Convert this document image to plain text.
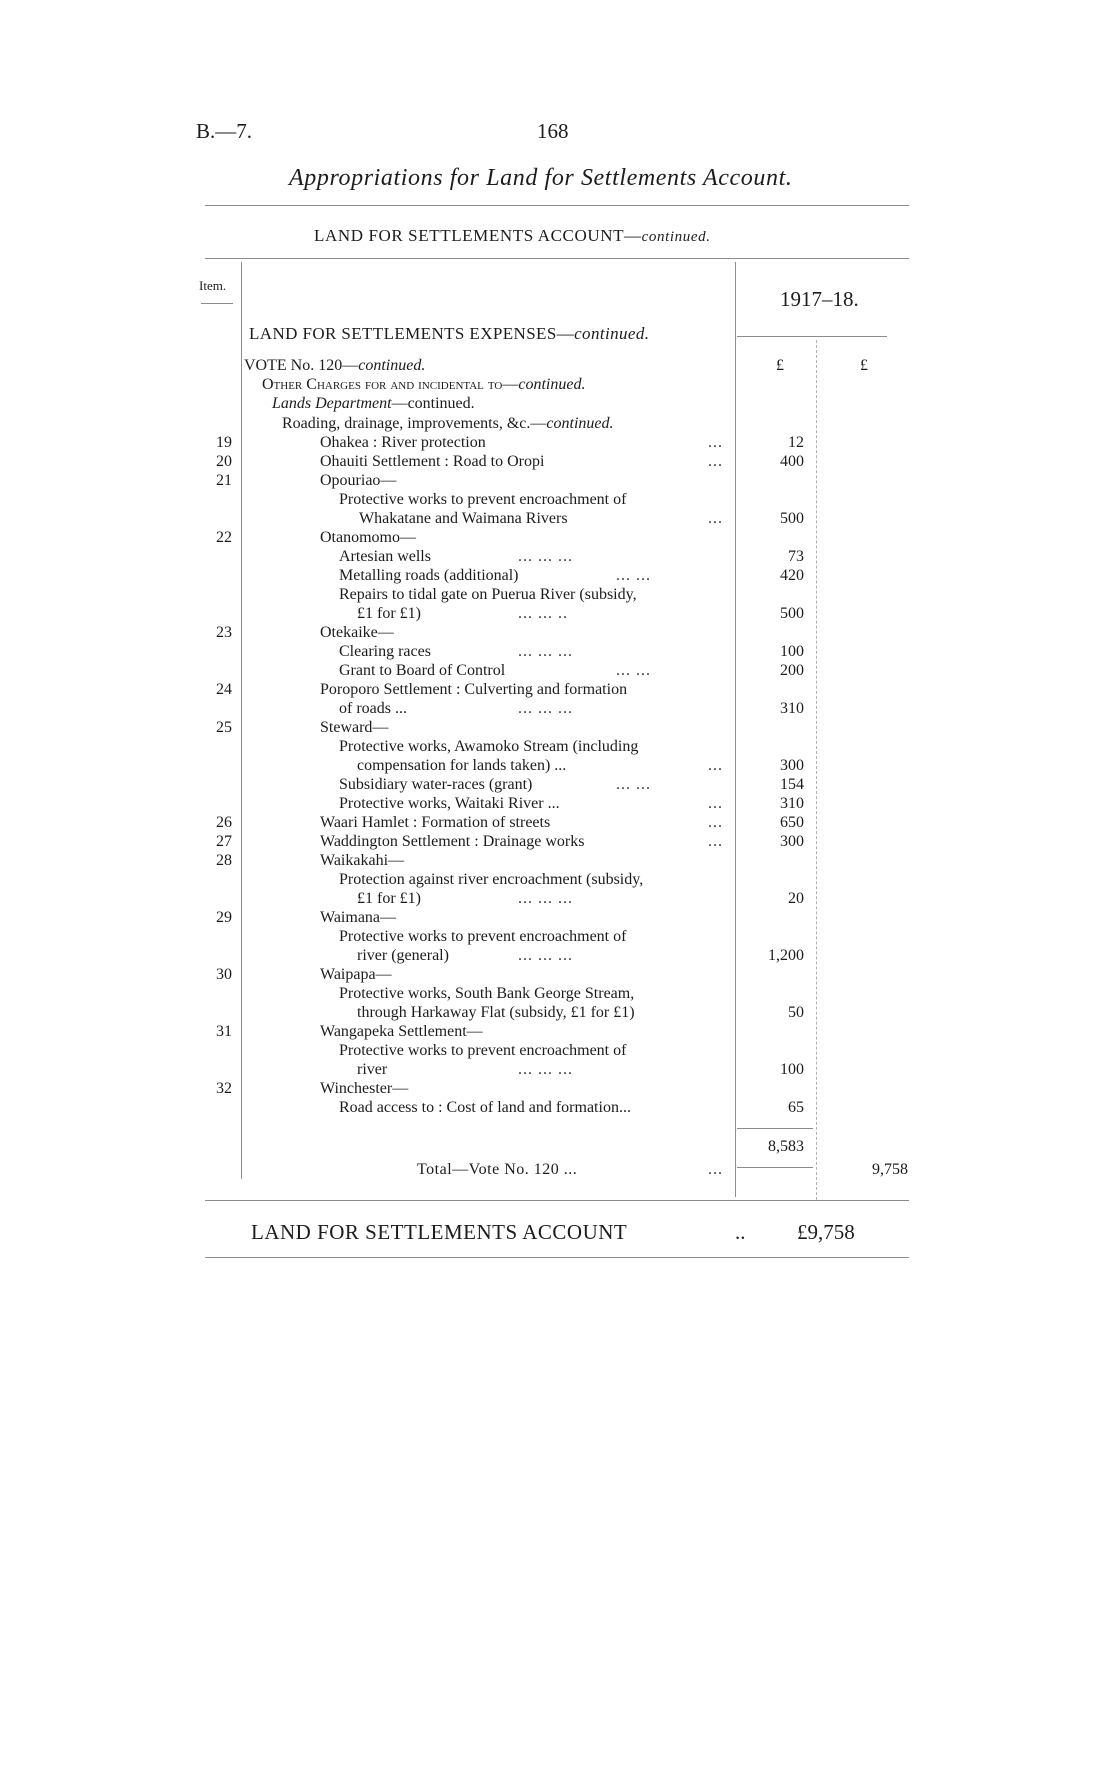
B.—7.	168
Appropriations for Land for Settlements Account.
LAND FOR SETTLEMENTS ACCOUNT—continued.
Item.
1917–18.
LAND FOR SETTLEMENTS EXPENSES—continued.
£	£
VOTE No. 120—continued.
Other Charges for and incidental to—continued.
Lands Department—continued.
Roading, drainage, improvements, &c.—continued.
19	Ohakea : River protection	...	12
20	Ohauiti Settlement : Road to Oropi	...	400
21	Opouriao—
Protective works to prevent encroachment of
Whakatane and Waimana Rivers	...	500
22	Otanomomo—
Artesian wells	... ... ...	73
Metalling roads (additional)	... ...	420
Repairs to tidal gate on Puerua River (subsidy,
£1 for £1)	... ... ..	500
23	Otekaike—
Clearing races	... ... ...	100
Grant to Board of Control	... ...	200
24	Poroporo Settlement : Culverting and formation
of roads ...	... ... ...	310
25	Steward—
Protective works, Awamoko Stream (including
compensation for lands taken) ...	...	300
Subsidiary water-races (grant)	... ...	154
Protective works, Waitaki River ...	...	310
26	Waari Hamlet : Formation of streets	...	650
27	Waddington Settlement : Drainage works	...	300
28	Waikakahi—
Protection against river encroachment (subsidy,
£1 for £1)	... ... ...	20
29	Waimana—
Protective works to prevent encroachment of
river (general)	... ... ...	1,200
30	Waipapa—
Protective works, South Bank George Stream,
through Harkaway Flat (subsidy, £1 for £1)	50
31	Wangapeka Settlement—
Protective works to prevent encroachment of
river	... ... ...	100
32	Winchester—
Road access to : Cost of land and formation...	65
8,583
Total—Vote No. 120 ...	...	9,758
LAND FOR SETTLEMENTS ACCOUNT	.. £9,758
